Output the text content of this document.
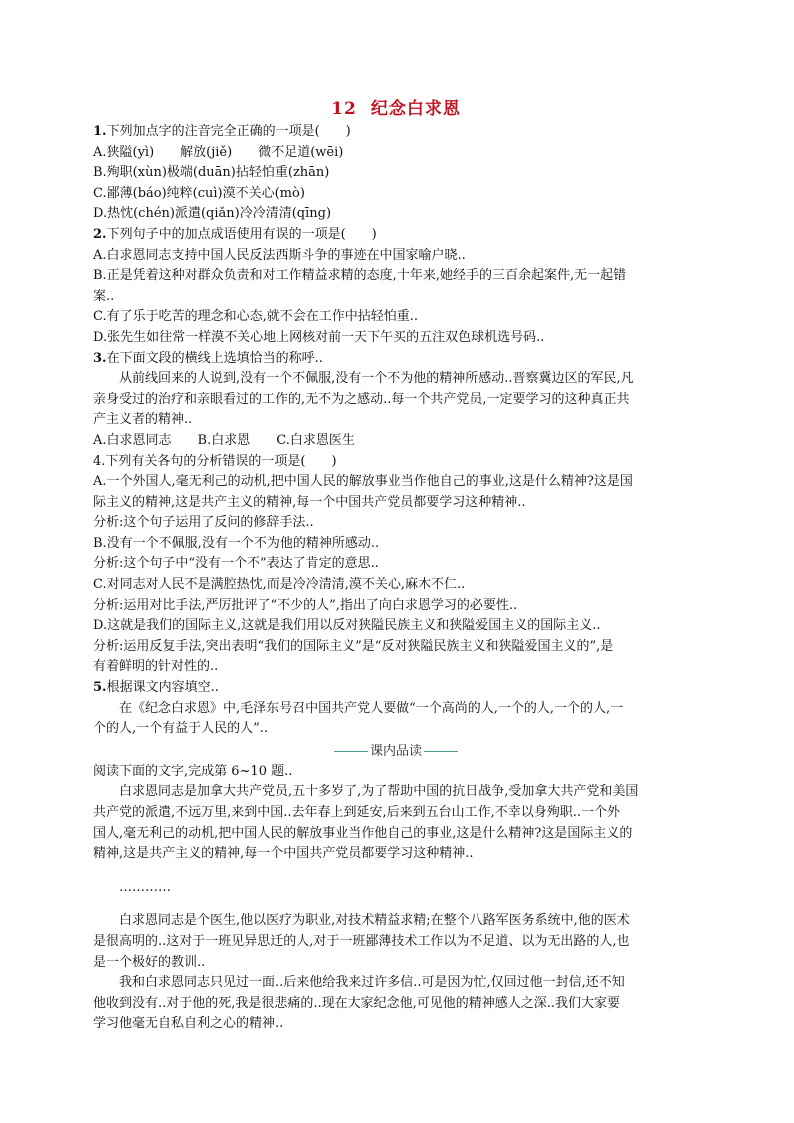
12 纪念白求恩

1.下列加点字的注音完全正确的一项是(　　)

A.狭隘(yì)　　解放(jiě)　　微不足道(wēi)

B.殉职(xùn)极端(duān)拈轻怕重(zhān)

C.鄙薄(báo)纯粹(cuì)漠不关心(mò)

D.热忱(chén)派遣(qiǎn)冷冷清清(qīng)

2.下列句子中的加点成语使用有误的一项是(　　)

A.白求恩同志支持中国人民反法西斯斗争的事迹在中国家喻户晓..

B.正是凭着这种对群众负责和对工作精益求精的态度,十年来,她经手的三百余起案件,无一起错

案..

C.有了乐于吃苦的理念和心态,就不会在工作中拈轻怕重..

D.张先生如往常一样漠不关心地上网核对前一天下午买的五注双色球机选号码..

3.在下面文段的横线上选填恰当的称呼..

从前线回来的人说到,没有一个不佩服,没有一个不为他的精神所感动..晋察冀边区的军民,凡

亲身受过的治疗和亲眼看过的工作的,无不为之感动..每一个共产党员,一定要学习的这种真正共

产主义者的精神..

A.白求恩同志 B.白求恩 C.白求恩医生

4.下列有关各句的分析错误的一项是(　　)

A.一个外国人,毫无利己的动机,把中国人民的解放事业当作他自己的事业,这是什么精神?这是国

际主义的精神,这是共产主义的精神,每一个中国共产党员都要学习这种精神..

分析:这个句子运用了反问的修辞手法..

B.没有一个不佩服,没有一个不为他的精神所感动..

分析:这个句子中“没有一个不”表达了肯定的意思..

C.对同志对人民不是满腔热忱,而是冷冷清清,漠不关心,麻木不仁..

分析:运用对比手法,严厉批评了“不少的人”,指出了向白求恩学习的必要性..

D.这就是我们的国际主义,这就是我们用以反对狭隘民族主义和狭隘爱国主义的国际主义..

分析:运用反复手法,突出表明“我们的国际主义”是“反对狭隘民族主义和狭隘爱国主义的”,是

有着鲜明的针对性的..

5.根据课文内容填空..

在《纪念白求恩》中,毛泽东号召中国共产党人要做“一个高尚的人,一个的人,一个的人,一

个的人,一个有益于人民的人”..

课内品读

阅读下面的文字,完成第 6~10 题..

白求恩同志是加拿大共产党员,五十多岁了,为了帮助中国的抗日战争,受加拿大共产党和美国

共产党的派遣,不远万里,来到中国..去年春上到延安,后来到五台山工作,不幸以身殉职..一个外

国人,毫无利己的动机,把中国人民的解放事业当作他自己的事业,这是什么精神?这是国际主义的

精神,这是共产主义的精神,每一个中国共产党员都要学习这种精神..

…………

白求恩同志是个医生,他以医疗为职业,对技术精益求精;在整个八路军医务系统中,他的医术

是很高明的..这对于一班见异思迁的人,对于一班鄙薄技术工作以为不足道、以为无出路的人,也

是一个极好的教训..

我和白求恩同志只见过一面..后来他给我来过许多信..可是因为忙,仅回过他一封信,还不知

他收到没有..对于他的死,我是很悲痛的..现在大家纪念他,可见他的精神感人之深..我们大家要

学习他毫无自私自利之心的精神..
